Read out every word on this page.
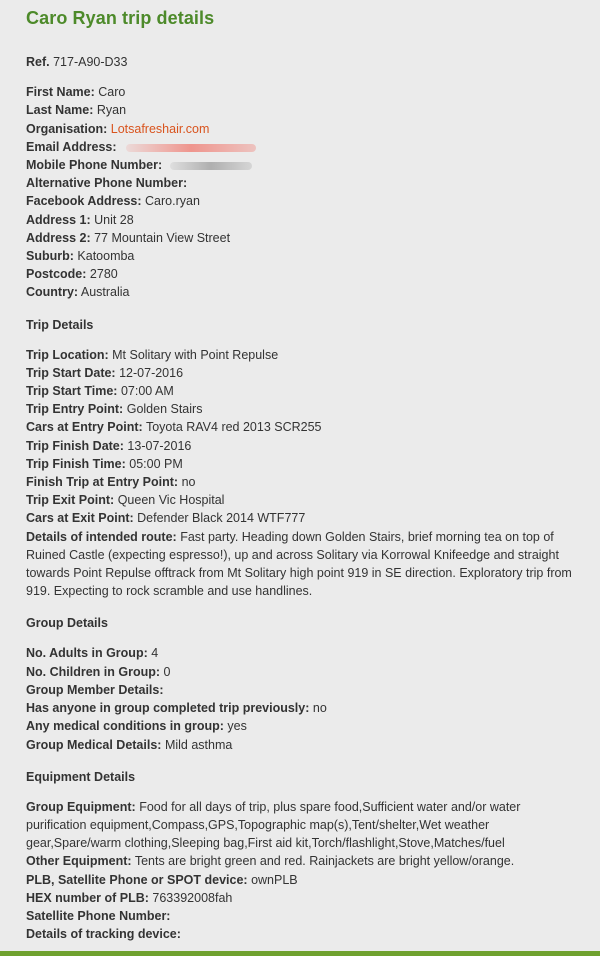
Caro Ryan trip details
Ref. 717-A90-D33
First Name: Caro
Last Name: Ryan
Organisation: Lotsafreshair.com
Email Address:
Mobile Phone Number:
Alternative Phone Number:
Facebook Address: Caro.ryan
Address 1: Unit 28
Address 2: 77 Mountain View Street
Suburb: Katoomba
Postcode: 2780
Country: Australia
Trip Details
Trip Location: Mt Solitary with Point Repulse
Trip Start Date: 12-07-2016
Trip Start Time: 07:00 AM
Trip Entry Point: Golden Stairs
Cars at Entry Point: Toyota RAV4 red 2013 SCR255
Trip Finish Date: 13-07-2016
Trip Finish Time: 05:00 PM
Finish Trip at Entry Point: no
Trip Exit Point: Queen Vic Hospital
Cars at Exit Point: Defender Black 2014 WTF777
Details of intended route: Fast party. Heading down Golden Stairs, brief morning tea on top of Ruined Castle (expecting espresso!), up and across Solitary via Korrowal Knifeedge and straight towards Point Repulse offtrack from Mt Solitary high point 919 in SE direction. Exploratory trip from 919. Expecting to rock scramble and use handlines.
Group Details
No. Adults in Group: 4
No. Children in Group: 0
Group Member Details:
Has anyone in group completed trip previously: no
Any medical conditions in group: yes
Group Medical Details: Mild asthma
Equipment Details
Group Equipment: Food for all days of trip, plus spare food,Sufficient water and/or water purification equipment,Compass,GPS,Topographic map(s),Tent/shelter,Wet weather gear,Spare/warm clothing,Sleeping bag,First aid kit,Torch/flashlight,Stove,Matches/fuel
Other Equipment: Tents are bright green and red. Rainjackets are bright yellow/orange.
PLB, Satellite Phone or SPOT device: ownPLB
HEX number of PLB: 763392008fah
Satellite Phone Number:
Details of tracking device:
